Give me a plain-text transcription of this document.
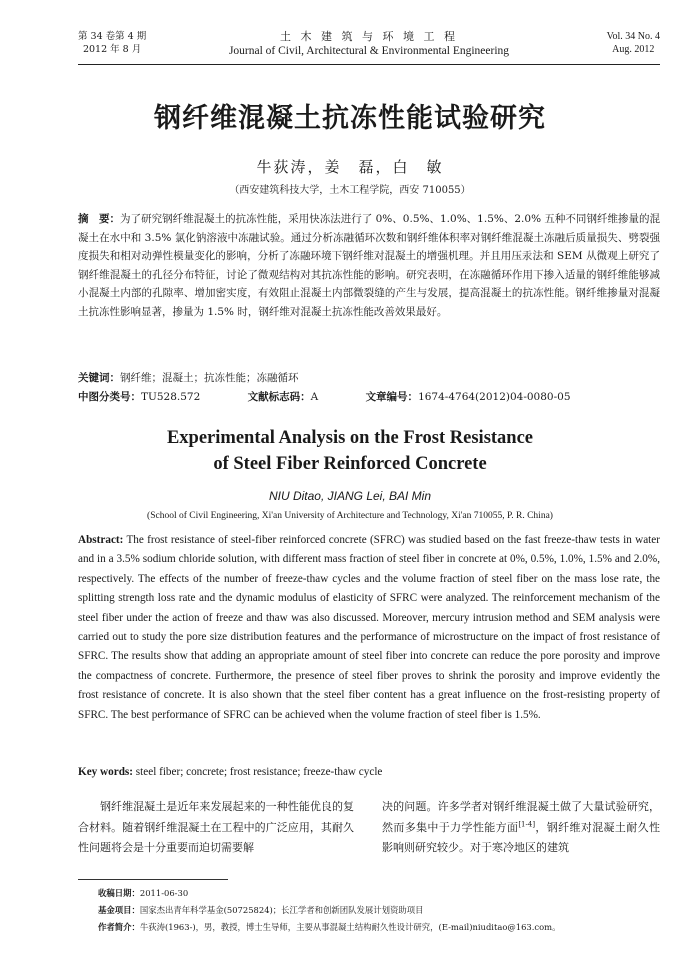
第 34 卷第 4 期
2012 年 8 月
土 木 建 筑 与 环 境 工 程
Journal of Civil, Architectural & Environmental Engineering
Vol. 34 No. 4
Aug. 2012
钢纤维混凝土抗冻性能试验研究
牛荻涛，姜　磊，白　敏
（西安建筑科技大学，土木工程学院，西安 710055）
摘　要：为了研究钢纤维混凝土的抗冻性能，采用快冻法进行了 0%、0.5%、1.0%、1.5%、2.0% 五种不同钢纤维掺量的混凝土在水中和 3.5% 氯化钠溶液中冻融试验。通过分析冻融循环次数和钢纤维体积率对钢纤维混凝土冻融后质量损失、劈裂强度损失和相对动弹性模量变化的影响，分析了冻融环境下钢纤维对混凝土的增强机理。并且用压汞法和 SEM 从微观上研究了钢纤维混凝土的孔径分布特征，讨论了微观结构对其抗冻性能的影响。研究表明，在冻融循环作用下掺入适量的钢纤维能够减小混凝土内部的孔隙率、增加密实度，有效阻止混凝土内部微裂缝的产生与发展，提高混凝土的抗冻性能。钢纤维掺量对混凝土抗冻性影响显著，掺量为 1.5% 时，钢纤维对混凝土抗冻性能改善效果最好。
关键词：钢纤维；混凝土；抗冻性能；冻融循环
中图分类号：TU528.572	文献标志码：A	文章编号：1674-4764(2012)04-0080-05
Experimental Analysis on the Frost Resistance
of Steel Fiber Reinforced Concrete
NIU Ditao, JIANG Lei, BAI Min
(School of Civil Engineering, Xi'an University of Architecture and Technology, Xi'an 710055, P. R. China)
Abstract: The frost resistance of steel-fiber reinforced concrete (SFRC) was studied based on the fast freeze-thaw tests in water and in a 3.5% sodium chloride solution, with different mass fraction of steel fiber in concrete at 0%, 0.5%, 1.0%, 1.5% and 2.0%, respectively. The effects of the number of freeze-thaw cycles and the volume fraction of steel fiber on the mass lose rate, the splitting strength loss rate and the dynamic modulus of elasticity of SFRC were analyzed. The reinforcement mechanism of the steel fiber under the action of freeze and thaw was also discussed. Moreover, mercury intrusion method and SEM analysis were carried out to study the pore size distribution features and the performance of microstructure on the impact of frost resistance of SFRC. The results show that adding an appropriate amount of steel fiber into concrete can reduce the pore porosity and improve the compactness of concrete. Furthermore, the presence of steel fiber proves to shrink the porosity and improve evidently the frost resistance of concrete. It is also shown that the steel fiber content has a great influence on the frost-resisting property of SFRC. The best performance of SFRC can be achieved when the volume fraction of steel fiber is 1.5%.
Key words: steel fiber; concrete; frost resistance; freeze-thaw cycle
钢纤维混凝土是近年来发展起来的一种性能优良的复合材料。随着钢纤维混凝土在工程中的广泛应用，其耐久性问题将会是十分重要而迫切需要解
决的问题。许多学者对钢纤维混凝土做了大量试验研究，然而多集中于力学性能方面[1-4]，钢纤维对混凝土耐久性影响则研究较少。对于寒冷地区的建筑
收稿日期：2011-06-30
基金项目：国家杰出青年科学基金(50725824)；长江学者和创新团队发展计划资助项目
作者简介：牛荻涛(1963-)，男，教授，博士生导师，主要从事混凝土结构耐久性设计研究，(E-mail)niuditao@163.com。
